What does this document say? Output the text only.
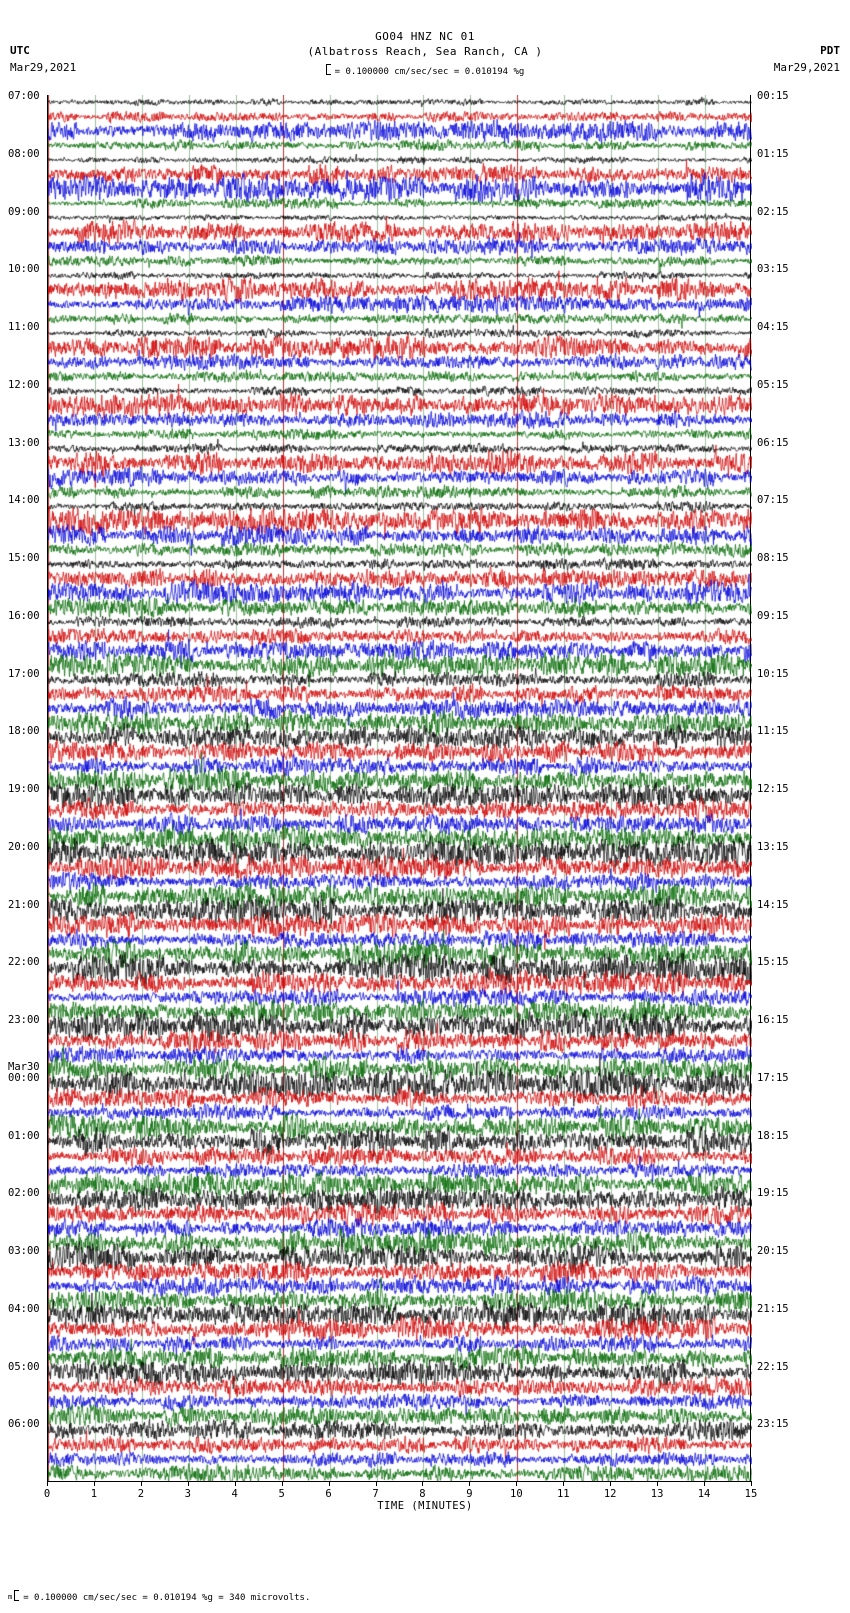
UTC
Mar29,2021
GO04 HNZ NC 01
(Albatross Reach, Sea Ranch, CA )
= 0.100000 cm/sec/sec = 0.010194 %g
PDT
Mar29,2021
07:00	00:15
08:00	01:15
09:00	02:15
10:00	03:15
11:00	04:15
12:00	05:15
13:00	06:15
14:00	07:15
15:00	08:15
16:00	09:15
17:00	10:15
18:00	11:15
19:00	12:15
20:00	13:15
21:00	14:15
22:00	15:15
23:00	16:15
00:00	17:15
01:00	18:15
02:00	19:15
03:00	20:15
04:00	21:15
05:00	22:15
06:00	23:15
Mar30
0	1	2	3	4	5	6	7	8	9	10	11	12	13	14	15
TIME (MINUTES)
m = 0.100000 cm/sec/sec = 0.010194 %g = 340 microvolts.
